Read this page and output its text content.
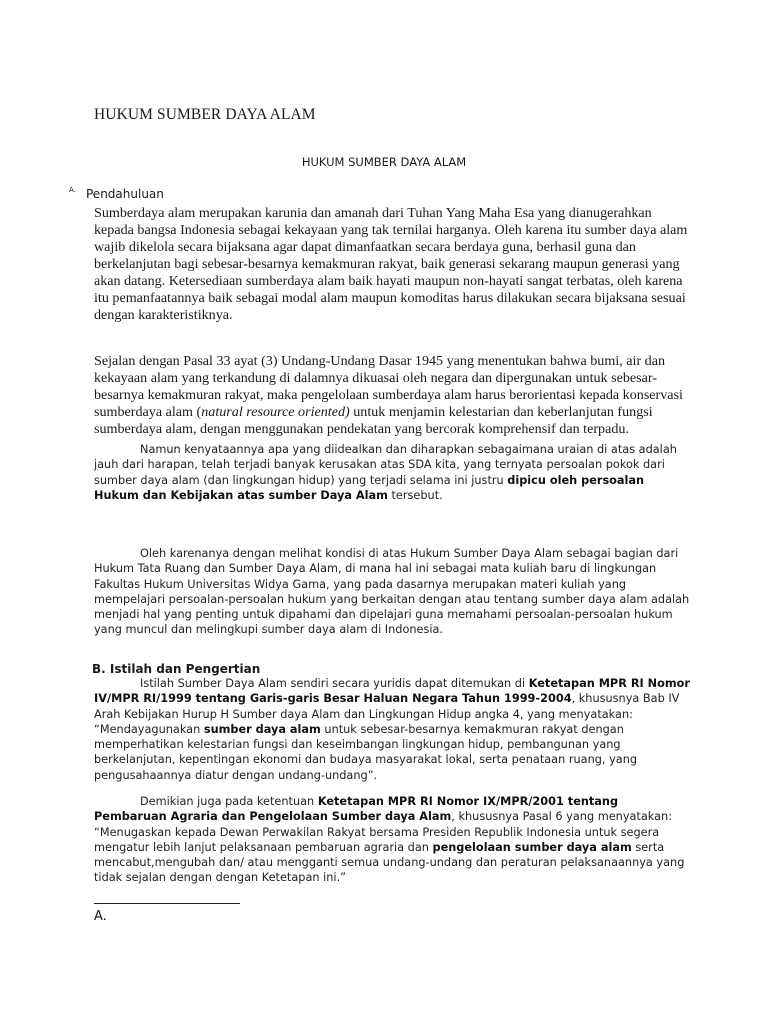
HUKUM SUMBER DAYA ALAM
HUKUM SUMBER DAYA ALAM
A. Pendahuluan

Sumberdaya alam merupakan karunia dan amanah dari Tuhan Yang Maha Esa yang dianugerahkan kepada bangsa Indonesia sebagai kekayaan yang tak ternilai harganya. Oleh karena itu sumber daya alam wajib dikelola secara bijaksana agar dapat dimanfaatkan secara berdaya guna, berhasil guna dan berkelanjutan bagi sebesar-besarnya kemakmuran rakyat, baik generasi sekarang maupun generasi yang akan datang. Ketersediaan sumberdaya alam baik hayati maupun non-hayati sangat terbatas, oleh karena itu pemanfaatannya baik sebagai modal alam maupun komoditas harus dilakukan secara bijaksana sesuai dengan karakteristiknya.

Sejalan dengan Pasal 33 ayat (3) Undang-Undang Dasar 1945 yang menentukan bahwa bumi, air dan kekayaan alam yang terkandung di dalamnya dikuasai oleh negara dan dipergunakan untuk sebesar-besarnya kemakmuran rakyat, maka pengelolaan sumberdaya alam harus berorientasi kepada konservasi sumberdaya alam (natural resource oriented) untuk menjamin kelestarian dan keberlanjutan fungsi sumberdaya alam, dengan menggunakan pendekatan yang bercorak komprehensif dan terpadu.

Namun kenyataannya apa yang diidealkan dan diharapkan sebagaimana uraian di atas adalah jauh dari harapan, telah terjadi banyak kerusakan atas SDA kita, yang ternyata persoalan pokok dari sumber daya alam (dan lingkungan hidup) yang terjadi selama ini justru dipicu oleh persoalan Hukum dan Kebijakan atas sumber Daya Alam tersebut.

Oleh karenanya dengan melihat kondisi di atas Hukum Sumber Daya Alam sebagai bagian dari Hukum Tata Ruang dan Sumber Daya Alam, di mana hal ini sebagai mata kuliah baru di lingkungan Fakultas Hukum Universitas Widya Gama, yang pada dasarnya merupakan materi kuliah yang mempelajari persoalan-persoalan hukum yang berkaitan dengan atau tentang sumber daya alam adalah menjadi hal yang penting untuk dipahami dan dipelajari guna memahami persoalan-persoalan hukum yang muncul dan melingkupi sumber daya alam di Indonesia.

B. Istilah dan Pengertian

Istilah Sumber Daya Alam sendiri secara yuridis dapat ditemukan di Ketetapan MPR RI Nomor IV/MPR RI/1999 tentang Garis-garis Besar Haluan Negara Tahun 1999-2004, khususnya Bab IV Arah Kebijakan Hurup H Sumber daya Alam dan Lingkungan Hidup angka 4, yang menyatakan: “Mendayagunakan sumber daya alam untuk sebesar-besarnya kemakmuran rakyat dengan memperhatikan kelestarian fungsi dan keseimbangan lingkungan hidup, pembangunan yang berkelanjutan, kepentingan ekonomi dan budaya masyarakat lokal, serta penataan ruang, yang pengusahaannya diatur dengan undang-undang”.

Demikian juga pada ketentuan Ketetapan MPR RI Nomor IX/MPR/2001 tentang Pembaruan Agraria dan Pengelolaan Sumber daya Alam, khususnya Pasal 6 yang menyatakan: “Menugaskan kepada Dewan Perwakilan Rakyat bersama Presiden Republik Indonesia untuk segera mengatur lebih lanjut pelaksanaan pembaruan agraria dan pengelolaan sumber daya alam serta mencabut,mengubah dan/ atau mengganti semua undang-undang dan peraturan pelaksanaannya yang tidak sejalan dengan dengan Ketetapan ini.”

A.
